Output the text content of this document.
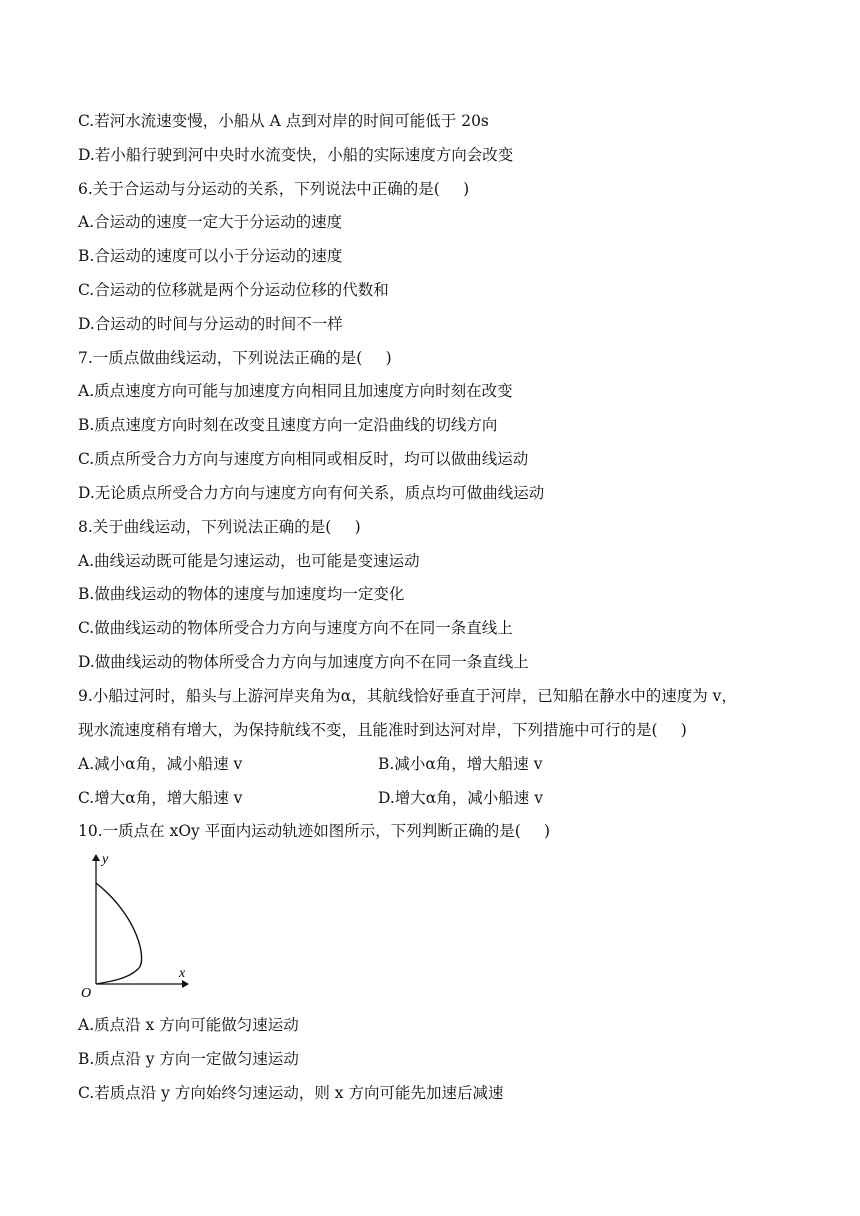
C.若河水流速变慢，小船从 A 点到对岸的时间可能低于 20s
D.若小船行驶到河中央时水流变快，小船的实际速度方向会改变
6.关于合运动与分运动的关系，下列说法中正确的是(  )
A.合运动的速度一定大于分运动的速度
B.合运动的速度可以小于分运动的速度
C.合运动的位移就是两个分运动位移的代数和
D.合运动的时间与分运动的时间不一样
7.一质点做曲线运动，下列说法正确的是(  )
A.质点速度方向可能与加速度方向相同且加速度方向时刻在改变
B.质点速度方向时刻在改变且速度方向一定沿曲线的切线方向
C.质点所受合力方向与速度方向相同或相反时，均可以做曲线运动
D.无论质点所受合力方向与速度方向有何关系，质点均可做曲线运动
8.关于曲线运动，下列说法正确的是(  )
A.曲线运动既可能是匀速运动，也可能是变速运动
B.做曲线运动的物体的速度与加速度均一定变化
C.做曲线运动的物体所受合力方向与速度方向不在同一条直线上
D.做曲线运动的物体所受合力方向与加速度方向不在同一条直线上
9.小船过河时，船头与上游河岸夹角为α，其航线恰好垂直于河岸，已知船在静水中的速度为 v，
现水流速度稍有增大，为保持航线不变，且能准时到达河对岸，下列措施中可行的是(  )
A.减小α角，减小船速 v	B.减小α角，增大船速 v
C.增大α角，增大船速 v	D.增大α角，减小船速 v
10.一质点在 xOy 平面内运动轨迹如图所示，下列判断正确的是(  )
y
x
O
A.质点沿 x 方向可能做匀速运动
B.质点沿 y 方向一定做匀速运动
C.若质点沿 y 方向始终匀速运动，则 x 方向可能先加速后减速
